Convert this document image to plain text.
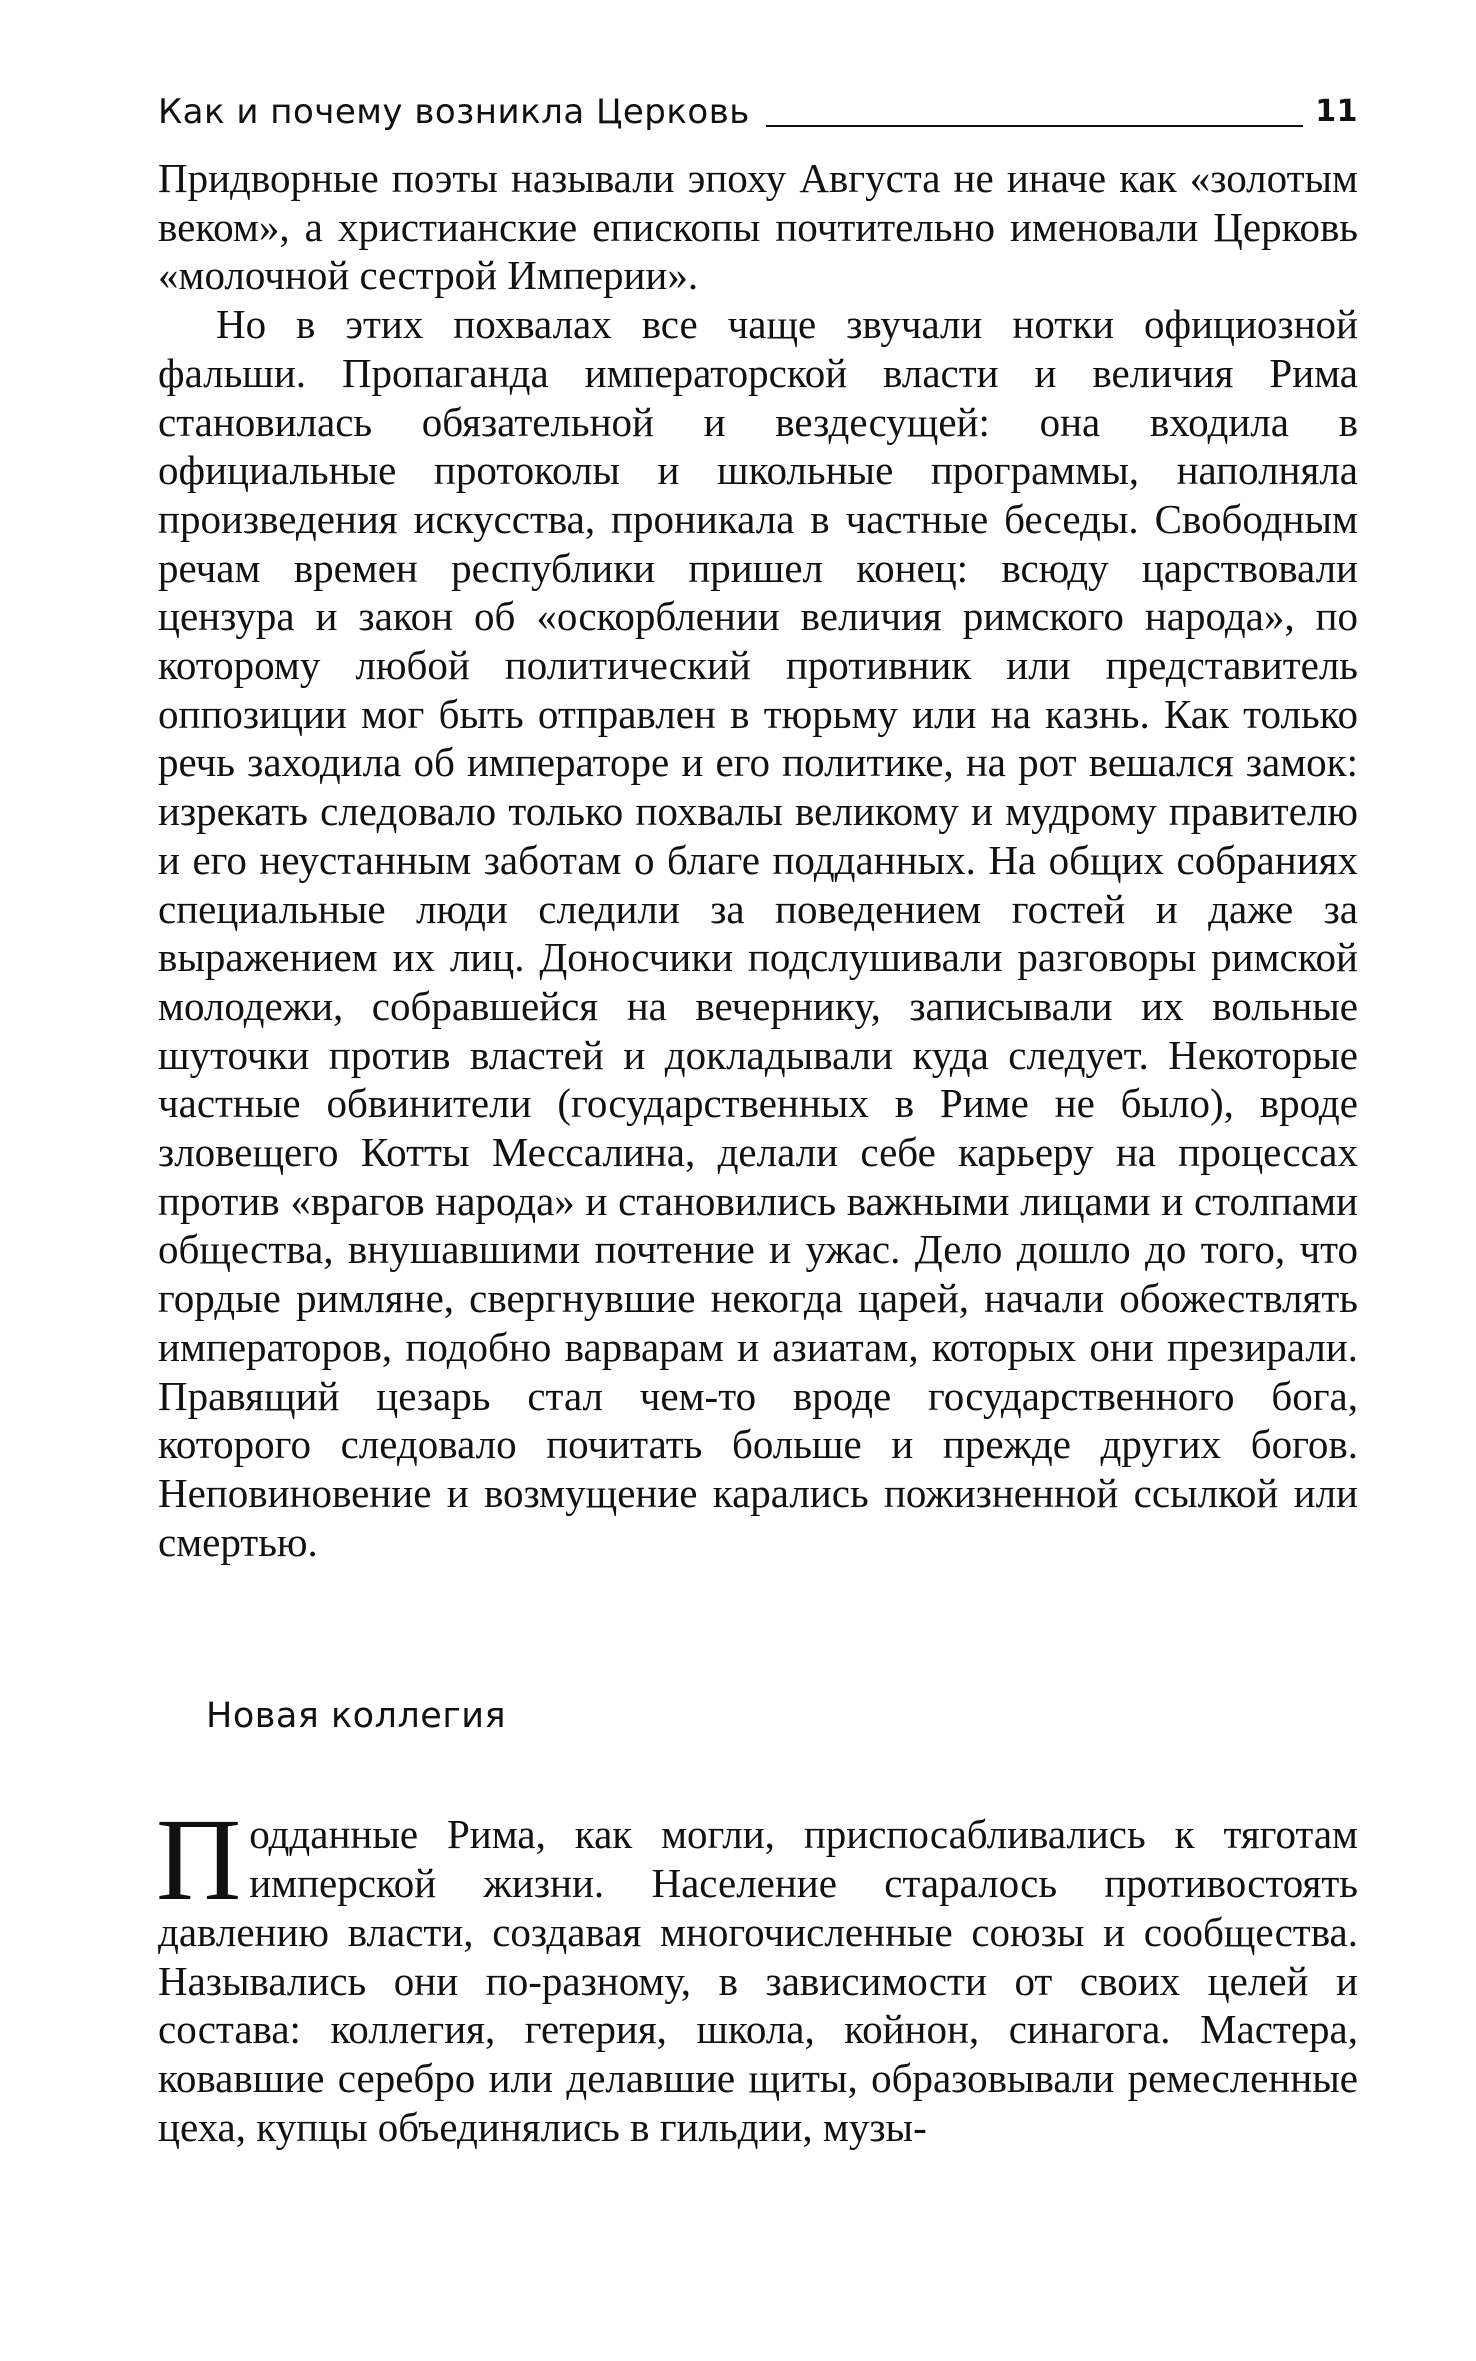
Как и почему возникла Церковь	11

Придворные поэты называли эпоху Августа не иначе как «золотым веком», а христианские епископы почтительно именовали Церковь «молочной сестрой Империи».

Но в этих похвалах все чаще звучали нотки официозной фальши. Пропаганда императорской власти и величия Рима становилась обязательной и вездесущей: она входила в официальные протоколы и школьные программы, наполняла произведения искусства, проникала в частные беседы. Свободным речам времен республики пришел конец: всюду царствовали цензура и закон об «оскорблении величия римского народа», по которому любой политический противник или представитель оппозиции мог быть отправлен в тюрьму или на казнь. Как только речь заходила об императоре и его политике, на рот вешался замок: изрекать следовало только похвалы великому и мудрому правителю и его неустанным заботам о благе подданных. На общих собраниях специальные люди следили за поведением гостей и даже за выражением их лиц. Доносчики подслушивали разговоры римской молодежи, собравшейся на вечернику, записывали их вольные шуточки против властей и докладывали куда следует. Некоторые частные обвинители (государственных в Риме не было), вроде зловещего Котты Мессалина, делали себе карьеру на процессах против «врагов народа» и становились важными лицами и столпами общества, внушавшими почтение и ужас. Дело дошло до того, что гордые римляне, свергнувшие некогда царей, начали обожествлять императоров, подобно варварам и азиатам, которых они презирали. Правящий цезарь стал чем-то вроде государственного бога, которого следовало почитать больше и прежде других богов. Неповиновение и возмущение карались пожизненной ссылкой или смертью.

Новая коллегия

Подданные Рима, как могли, приспосабливались к тяготам имперской жизни. Население старалось противостоять давлению власти, создавая многочисленные союзы и сообщества. Назывались они по-разному, в зависимости от своих целей и состава: коллегия, гетерия, школа, койнон, синагога. Мастера, ковавшие серебро или делавшие щиты, образовывали ремесленные цеха, купцы объединялись в гильдии, музы-
